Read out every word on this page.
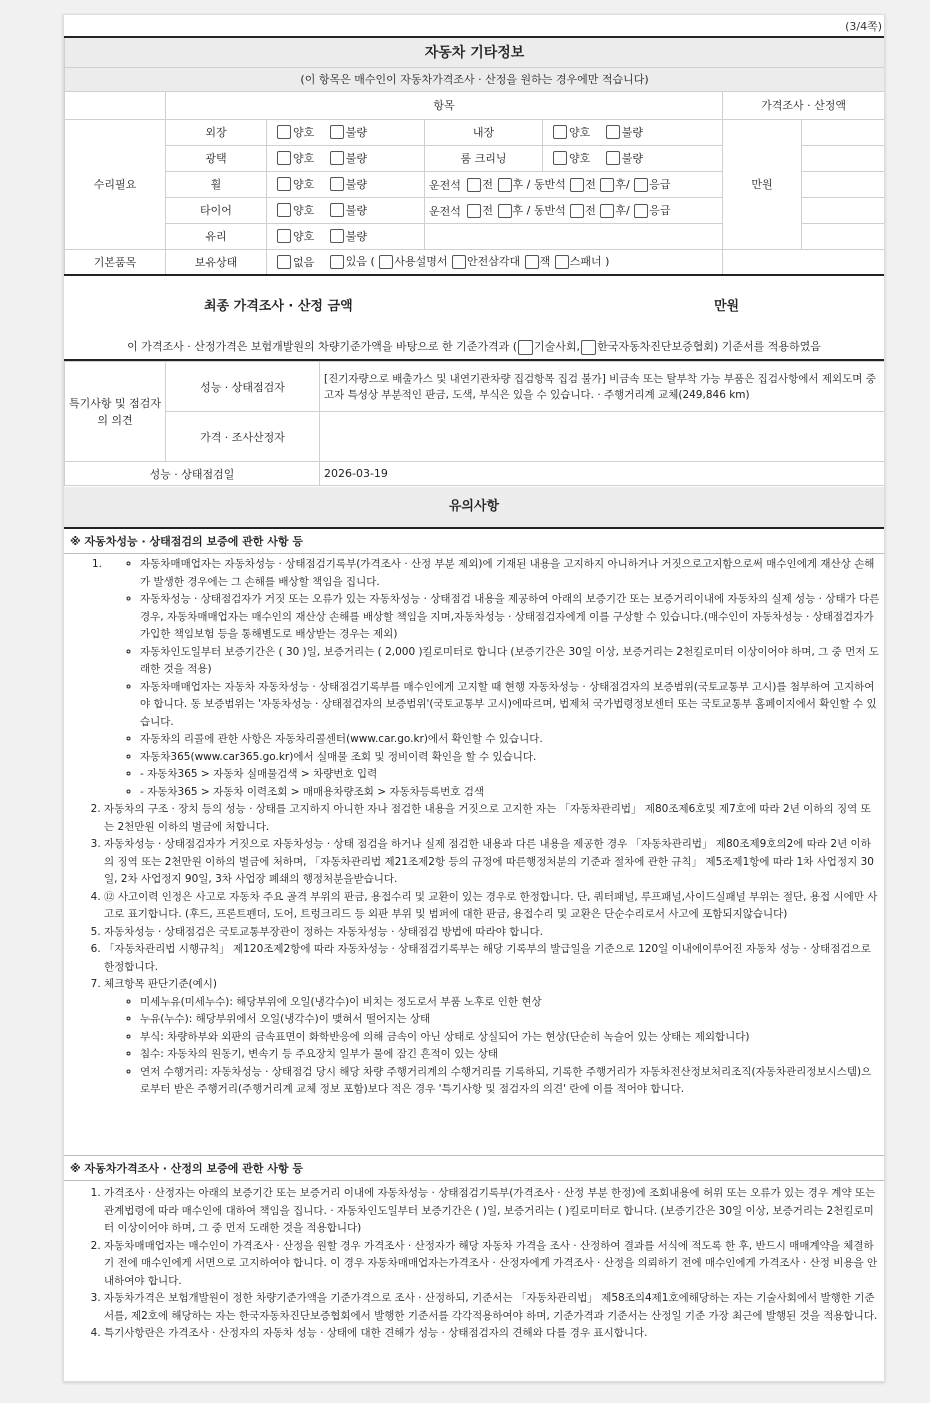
(3/4쪽)
자동차 기타정보						
(이 항목은 매수인이 자동차가격조사 · 산정을 원하는 경우에만 적습니다)						
	항목				가격조사 · 산정액	
수리필요	외장	양호 불량	내장	양호 불량	만원	
	광택	양호 불량	룸 크리닝	양호 불량		
	휠	양호 불량	운전석 전 후 / 동반석 전 후/ 응급			
	타이어	양호 불량	운전석 전 후 / 동반석 전 후/ 응급			
	유리	양호 불량				
기본품목	보유상태	없음 있음 ( 사용설명서 안전삼각대 잭 스패너 )				
최종 가격조사 · 산정 금액	만원
이 가격조사 · 산정가격은 보험개발원의 차량기준가액을 바탕으로 한 기준가격과 ( 기술사회, 한국자동차진단보증협회) 기준서를 적용하였음
특기사항 및 점검자의 의견	성능 · 상태점검자	[진기자량으로 배출가스 및 내연기관차량 집검항목 집검 불가] 비금속 또는 탈부착 가능 부품은 집검사항에서 제외도며 중고자 특성상 부분적인 판금, 도색, 부식은 있을 수 있습니다. · 주행거리계 교체(249,846 km)
	가격 · 조사산정자	
성능 · 상태점검일		2026-03-19
유의사항
※ 자동차성능 · 상태점검의 보증에 관한 사항 등
1.	◦ 자동차매매업자는 자동차성능 · 상태점검기록부(가격조사 · 산정 부분 제외)에 기재된 내용을 고지하지 아니하거나 거짓으로고지함으로써 매수인에게 재산상 손해가 발생한 경우에는 그 손해를 배상할 책임을 집니다.
◦ 자동차성능 · 상태점검자가 거짓 또는 오류가 있는 자동차성능 · 상태점검 내용을 제공하여 아래의 보증기간 또는 보증거리이내에 자동차의 실제 성능 · 상태가 다른 경우, 자동차매매업자는 매수인의 재산상 손해를 배상할 책임을 지며,자동차성능 · 상태점검자에게 이를 구상할 수 있습니다.(매수인이 자동차성능 · 상태점검자가 가입한 책임보험 등을 통해별도로 배상받는 경우는 제외)
◦ 자동차인도일부터 보증기간은 ( 30 )일, 보증거리는 ( 2,000 )킬로미터로 합니다 (보증기간은 30일 이상, 보증거리는 2천킬로미터 이상이어야 하며, 그 중 먼저 도래한 것을 적용)
◦ 자동차매매업자는 자동차 자동차성능 · 상태점검기록부를 매수인에게 고지할 때 현행 자동차성능 · 상태점검자의 보증범위(국토교통부 고시)를 첨부하여 고지하여야 합니다. 동 보증범위는 '자동차성능 · 상태점검자의 보증범위'(국토교통부 고시)에따르며, 법제처 국가법령정보센터 또는 국토교통부 홈페이지에서 확인할 수 있습니다.
◦ 자동차의 리콜에 관한 사항은 자동차리콜센터(www.car.go.kr)에서 확인할 수 있습니다.
◦ 자동차365(www.car365.go.kr)에서 실매물 조회 및 정비이력 확인을 할 수 있습니다.
◦ - 자동차365 > 자동차 실매물검색 > 차량번호 입력
◦ - 자동차365 > 자동차 이력조회 > 매매용차량조회 > 자동차등록번호 검색
2. 자동차의 구조 · 장치 등의 성능 · 상태를 고지하지 아니한 자나 점검한 내용을 거짓으로 고지한 자는 「자동차관리법」 제80조제6호및 제7호에 따라 2년 이하의 징역 또는 2천만원 이하의 벌금에 처합니다.
3. 자동차성능 · 상태점검자가 거짓으로 자동차성능 · 상태 점검을 하거나 실제 점검한 내용과 다른 내용을 제공한 경우 「자동차관리법」 제80조제9호의2에 따라 2년 이하의 징역 또는 2천만원 이하의 벌금에 처하며, 「자동차관리법 제21조제2항 등의 규정에 따른행정처분의 기준과 절차에 관한 규칙」 제5조제1항에 따라 1차 사업정지 30일, 2차 사업정지 90일, 3차 사업장 폐쇄의 행정처분을받습니다.
4. ⑫ 사고이력 인정은 사고로 자동차 주요 골격 부위의 판금, 용접수리 및 교환이 있는 경우로 한정합니다. 단, 쿼터패널, 루프패널,사이드실패널 부위는 절단, 용접 시에만 사고로 표기합니다. (후드, 프론트펜더, 도어, 트렁크리드 등 외판 부위 및 범퍼에 대한 판금, 용접수리 및 교환은 단순수리로서 사고에 포함되지않습니다)
5. 자동차성능 · 상태점검은 국토교통부장관이 정하는 자동차성능 · 상태점검 방법에 따라야 합니다.
6. 「자동차관리법 시행규칙」 제120조제2항에 따라 자동차성능 · 상태점검기록부는 해당 기록부의 발급일을 기준으로 120일 이내에이루어진 자동차 성능 · 상태점검으로 한정합니다.
7. 체크항목 판단기준(예시)
◦ 미세누유(미세누수): 해당부위에 오일(냉각수)이 비치는 정도로서 부품 노후로 인한 현상
◦ 누유(누수): 해당부위에서 오일(냉각수)이 맺혀서 떨어지는 상태
◦ 부식: 차량하부와 외판의 금속표면이 화학반응에 의해 금속이 아닌 상태로 상실되어 가는 현상(단순히 녹슬어 있는 상태는 제외합니다)
◦ 침수: 자동차의 원동기, 변속기 등 주요장치 일부가 물에 잠긴 흔적이 있는 상태
◦ 연저 수행거리: 자동차성능 · 상태점검 당시 해당 차량 주행거리계의 수행거리를 기록하되, 기록한 주행거리가 자동차전산정보처리조직(자동차관리정보시스템)으로부터 받은 주행거리(주행거리계 교체 정보 포함)보다 적은 경우 '특기사항 및 점검자의 의견' 란에 이를 적어야 합니다.
※ 자동차가격조사 · 산정의 보증에 관한 사항 등
1. 가격조사 · 산정자는 아래의 보증기간 또는 보증거리 이내에 자동차성능 · 상태점검기록부(가격조사 · 산정 부분 한정)에 조회내용에 허위 또는 오류가 있는 경우 계약 또는 관계법령에 따라 매수인에 대하여 책임을 집니다. · 자동차인도일부터 보증기간은 ( )일, 보증거리는 ( )킬로미터로 합니다. (보증기간은 30일 이상, 보증거리는 2천킬로미터 이상이어야 하며, 그 중 먼저 도래한 것을 적용합니다)
2. 자동차매매업자는 매수인이 가격조사 · 산정을 원할 경우 가격조사 · 산정자가 해당 자동차 가격을 조사 · 산정하여 결과를 서식에 적도록 한 후, 반드시 매매계약을 체결하기 전에 매수인에게 서면으로 고지하여야 합니다. 이 경우 자동차매매업자는가격조사 · 산정자에게 가격조사 · 산정을 의뢰하기 전에 매수인에게 가격조사 · 산정 비용을 안내하여야 합니다.
3. 자동차가격은 보험개발원이 정한 차량기준가액을 기준가격으로 조사 · 산정하되, 기준서는 「자동차관리법」 제58조의4제1호에해당하는 자는 기술사회에서 발행한 기준서를, 제2호에 해당하는 자는 한국자동차진단보증협회에서 발행한 기준서를 각각적용하여야 하며, 기준가격과 기준서는 산정일 기준 가장 최근에 발행된 것을 적용합니다.
4. 특기사항란은 가격조사 · 산정자의 자동차 성능 · 상태에 대한 견해가 성능 · 상태점검자의 견해와 다를 경우 표시합니다.
